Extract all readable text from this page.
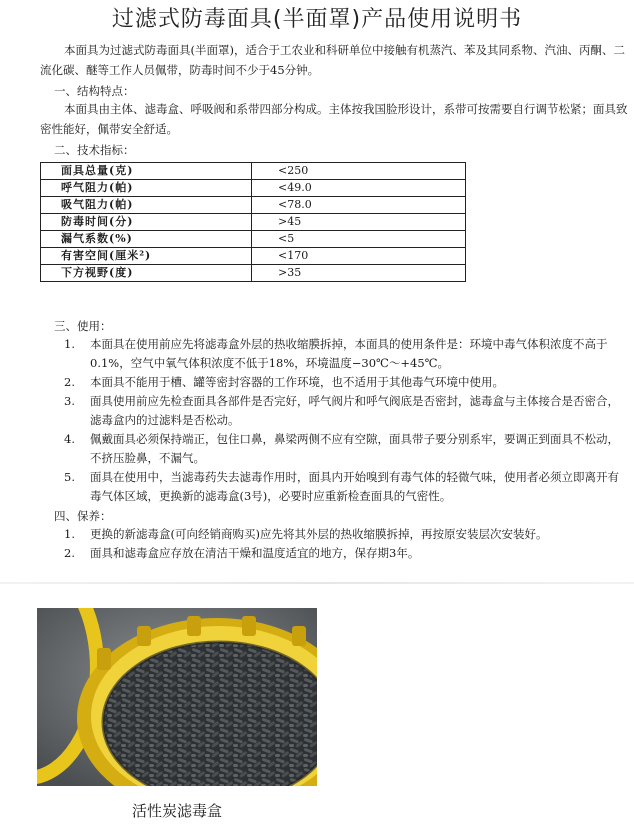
过滤式防毒面具(半面罩)产品使用说明书
本面具为过滤式防毒面具(半面罩)，适合于工农业和科研单位中接触有机蒸汽、苯及其同系物、汽油、丙酮、二流化碳、醚等工作人员佩带，防毒时间不少于45分钟。
一、结构特点：
本面具由主体、滤毒盒、呼吸阀和系带四部分构成。主体按我国脸形设计，系带可按需要自行调节松紧；面具致密性能好，佩带安全舒适。
二、技术指标：
面具总量(克)	<250
呼气阻力(帕)	<49.0
吸气阻力(帕)	<78.0
防毒时间(分)	>45
漏气系数(%)	<5
有害空间(厘米²)	<170
下方视野(度)	>35
三、使用：
1.	本面具在使用前应先将滤毒盒外层的热收缩膜拆掉，本面具的使用条件是：环境中毒气体积浓度不高于0.1%，空气中氧气体积浓度不低于18%，环境温度−30℃～+45℃。
2.	本面具不能用于槽、罐等密封容器的工作环境，也不适用于其他毒气环境中使用。
3.	面具使用前应先检查面具各部件是否完好，呼气阀片和呼气阀底是否密封，滤毒盒与主体接合是否密合，滤毒盒内的过滤料是否松动。
4.	佩戴面具必须保持端正，包住口鼻，鼻梁两侧不应有空隙，面具带子要分别系牢，要调正到面具不松动，不挤压脸鼻，不漏气。
5.	面具在使用中，当滤毒药失去滤毒作用时，面具内开始嗅到有毒气体的轻微气味，使用者必须立即离开有毒气体区域，更换新的滤毒盒(3号)，必要时应重新检查面具的气密性。
四、保养：
1.	更换的新滤毒盒(可向经销商购买)应先将其外层的热收缩膜拆掉，再按原安装层次安装好。
2.	面具和滤毒盒应存放在清洁干燥和温度适宜的地方，保存期3年。
活性炭滤毒盒
